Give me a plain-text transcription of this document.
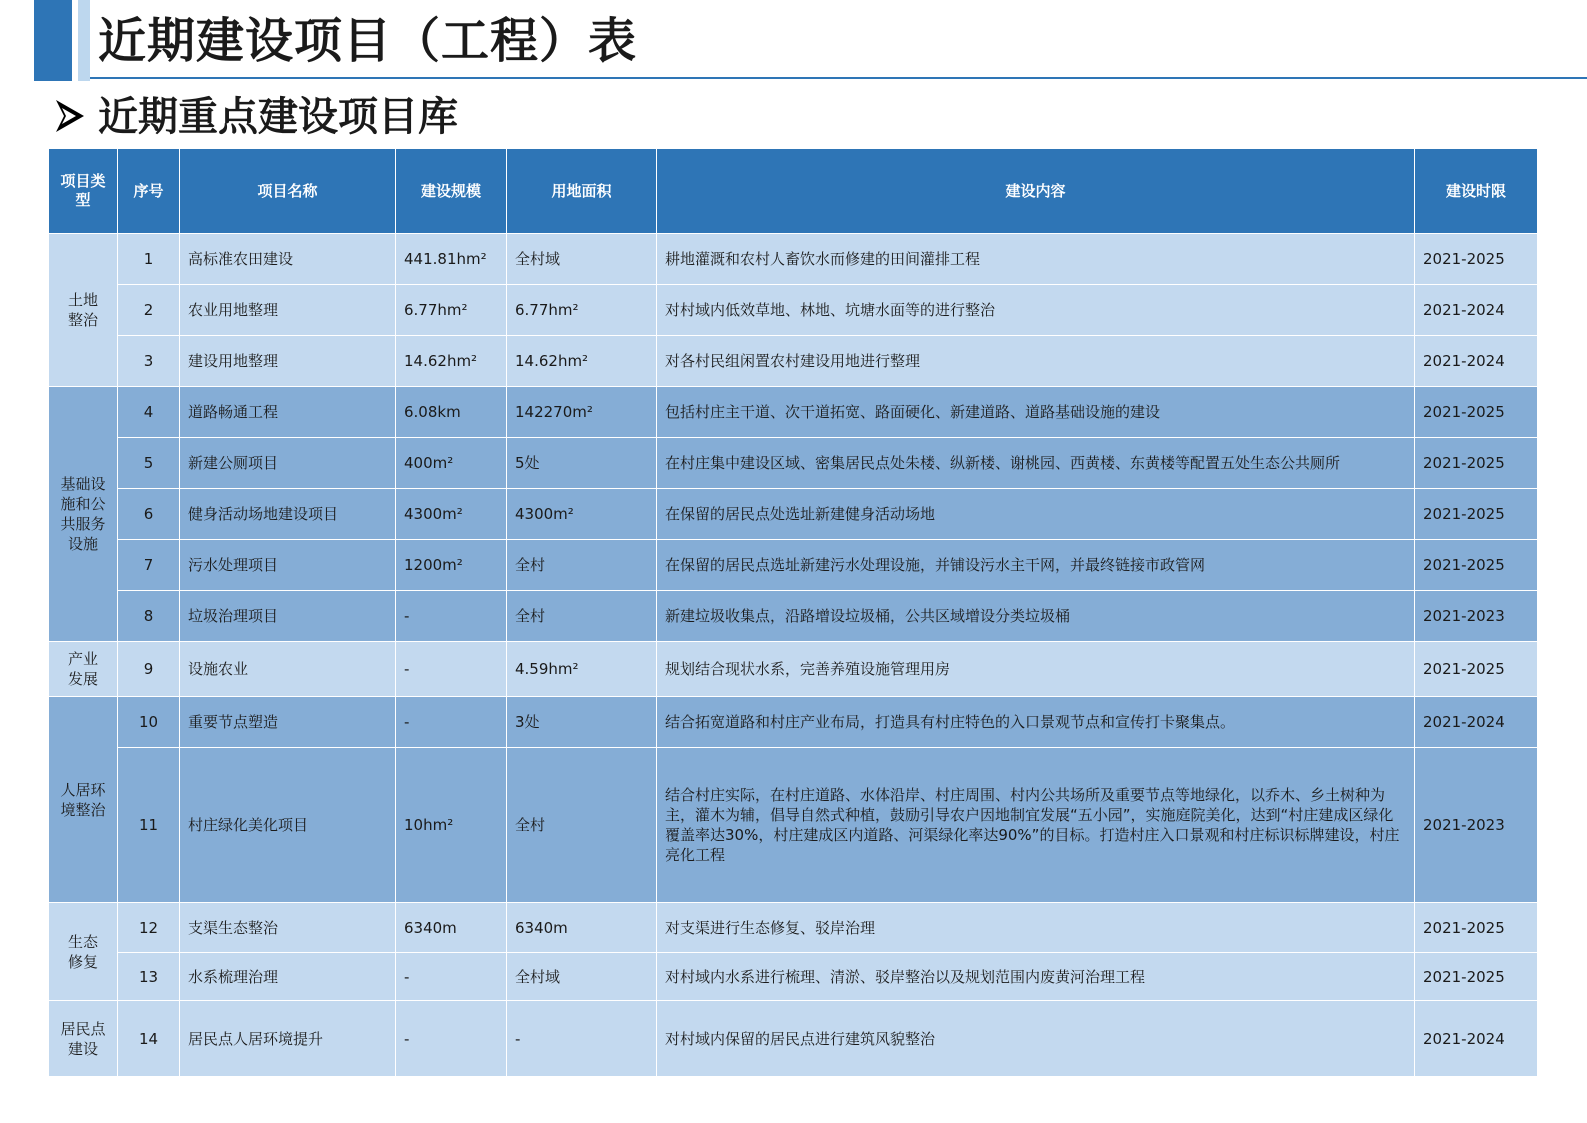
近期建设项目（工程）表
近期重点建设项目库
项目类型	序号	项目名称	建设规模	用地面积	建设内容	建设时限
土地整治	1	高标准农田建设	441.81hm²	全村域	耕地灌溉和农村人畜饮水而修建的田间灌排工程	2021-2025
	2	农业用地整理	6.77hm²	6.77hm²	对村域内低效草地、林地、坑塘水面等的进行整治	2021-2024
	3	建设用地整理	14.62hm²	14.62hm²	对各村民组闲置农村建设用地进行整理	2021-2024
基础设施和公共服务设施	4	道路畅通工程	6.08km	142270m²	包括村庄主干道、次干道拓宽、路面硬化、新建道路、道路基础设施的建设	2021-2025
	5	新建公厕项目	400m²	5处	在村庄集中建设区域、密集居民点处朱楼、纵新楼、谢桃园、西黄楼、东黄楼等配置五处生态公共厕所	2021-2025
	6	健身活动场地建设项目	4300m²	4300m²	在保留的居民点处选址新建健身活动场地	2021-2025
	7	污水处理项目	1200m²	全村	在保留的居民点选址新建污水处理设施，并铺设污水主干网，并最终链接市政管网	2021-2025
	8	垃圾治理项目	-	全村	新建垃圾收集点，沿路增设垃圾桶，公共区域增设分类垃圾桶	2021-2023
产业发展	9	设施农业	-	4.59hm²	规划结合现状水系，完善养殖设施管理用房	2021-2025
人居环境整治	10	重要节点塑造	-	3处	结合拓宽道路和村庄产业布局，打造具有村庄特色的入口景观节点和宣传打卡聚集点。	2021-2024
	11	村庄绿化美化项目	10hm²	全村	结合村庄实际，在村庄道路、水体沿岸、村庄周围、村内公共场所及重要节点等地绿化，以乔木、乡土树种为主，灌木为辅，倡导自然式种植，鼓励引导农户因地制宜发展“五小园”，实施庭院美化，达到“村庄建成区绿化覆盖率达30%，村庄建成区内道路、河渠绿化率达90%”的目标。打造村庄入口景观和村庄标识标牌建设，村庄亮化工程	2021-2023
生态修复	12	支渠生态整治	6340m	6340m	对支渠进行生态修复、驳岸治理	2021-2025
	13	水系梳理治理	-	全村域	对村域内水系进行梳理、清淤、驳岸整治以及规划范围内废黄河治理工程	2021-2025
居民点建设	14	居民点人居环境提升	-	-	对村域内保留的居民点进行建筑风貌整治	2021-2024
